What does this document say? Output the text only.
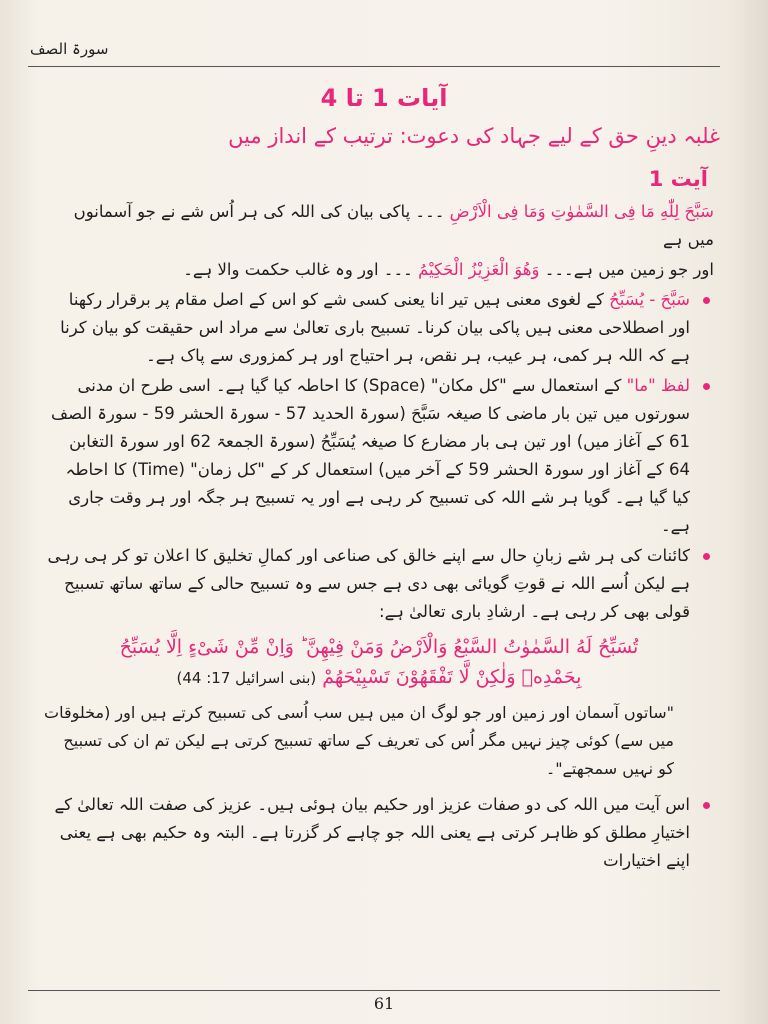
سورۃ الصف
آیات 1 تا 4
غلبہ دینِ حق کے لیے جہاد کی دعوت: ترتیب کے انداز میں
آیت 1

سَبَّحَ لِلّٰهِ مَا فِی السَّمٰوٰتِ وَمَا فِی الْاَرْضِ ۔۔۔ پاکی بیان کی اللہ کی ہر اُس شے نے جو آسمانوں میں ہے

اور جو زمین میں ہے۔۔۔ وَھُوَ الْعَزِیْزُ الْحَکِیْمُ ۔۔۔ اور وہ غالب حکمت والا ہے۔

سَبَّحَ - یُسَبِّحُ کے لغوی معنی ہیں تیر انا یعنی کسی شے کو اس کے اصل مقام پر برقرار رکھنا اور اصطلاحی معنی ہیں پاکی بیان کرنا۔ تسبیح باری تعالیٰ سے مراد اس حقیقت کو بیان کرنا ہے کہ اللہ ہر کمی، ہر عیب، ہر نقص، ہر احتیاج اور ہر کمزوری سے پاک ہے۔
لفظ "ما" کے استعمال سے "کل مکان" (Space) کا احاطہ کیا گیا ہے۔ اسی طرح ان مدنی سورتوں میں تین بار ماضی کا صیغہ سَبَّحَ (سورۃ الحدید 57 - سورۃ الحشر 59 - سورۃ الصف 61 کے آغاز میں) اور تین ہی بار مضارع کا صیغہ یُسَبِّحُ (سورۃ الجمعۃ 62 اور سورۃ التغابن 64 کے آغاز اور سورۃ الحشر 59 کے آخر میں) استعمال کر کے "کل زمان" (Time) کا احاطہ کیا گیا ہے۔ گویا ہر شے اللہ کی تسبیح کر رہی ہے اور یہ تسبیح ہر جگہ اور ہر وقت جاری ہے۔
کائنات کی ہر شے زبانِ حال سے اپنے خالق کی صناعی اور کمالِ تخلیق کا اعلان تو کر ہی رہی ہے لیکن اُسے اللہ نے قوتِ گویائی بھی دی ہے جس سے وہ تسبیح حالی کے ساتھ ساتھ تسبیح قولی بھی کر رہی ہے۔ ارشادِ باری تعالیٰ ہے:
تُسَبِّحُ لَهُ السَّمٰوٰتُ السَّبْعُ وَالْاَرْضُ وَمَنْ فِیْهِنَّ ؕ وَاِنْ مِّنْ شَیْءٍ اِلَّا یُسَبِّحُ
بِحَمْدِهٖ وَلٰكِنْ لَّا تَفْقَهُوْنَ تَسْبِیْحَهُمْ (بنی اسرائیل 17: 44)
"ساتوں آسمان اور زمین اور جو لوگ ان میں ہیں سب اُسی کی تسبیح کرتے ہیں اور (مخلوقات میں سے) کوئی چیز نہیں مگر اُس کی تعریف کے ساتھ تسبیح کرتی ہے لیکن تم ان کی تسبیح کو نہیں سمجھتے"۔
اس آیت میں اللہ کی دو صفات عزیز اور حکیم بیان ہوئی ہیں۔ عزیز کی صفت اللہ تعالیٰ کے اختیارِ مطلق کو ظاہر کرتی ہے یعنی اللہ جو چاہے کر گزرتا ہے۔ البتہ وہ حکیم بھی ہے یعنی اپنے اختیارات
61
